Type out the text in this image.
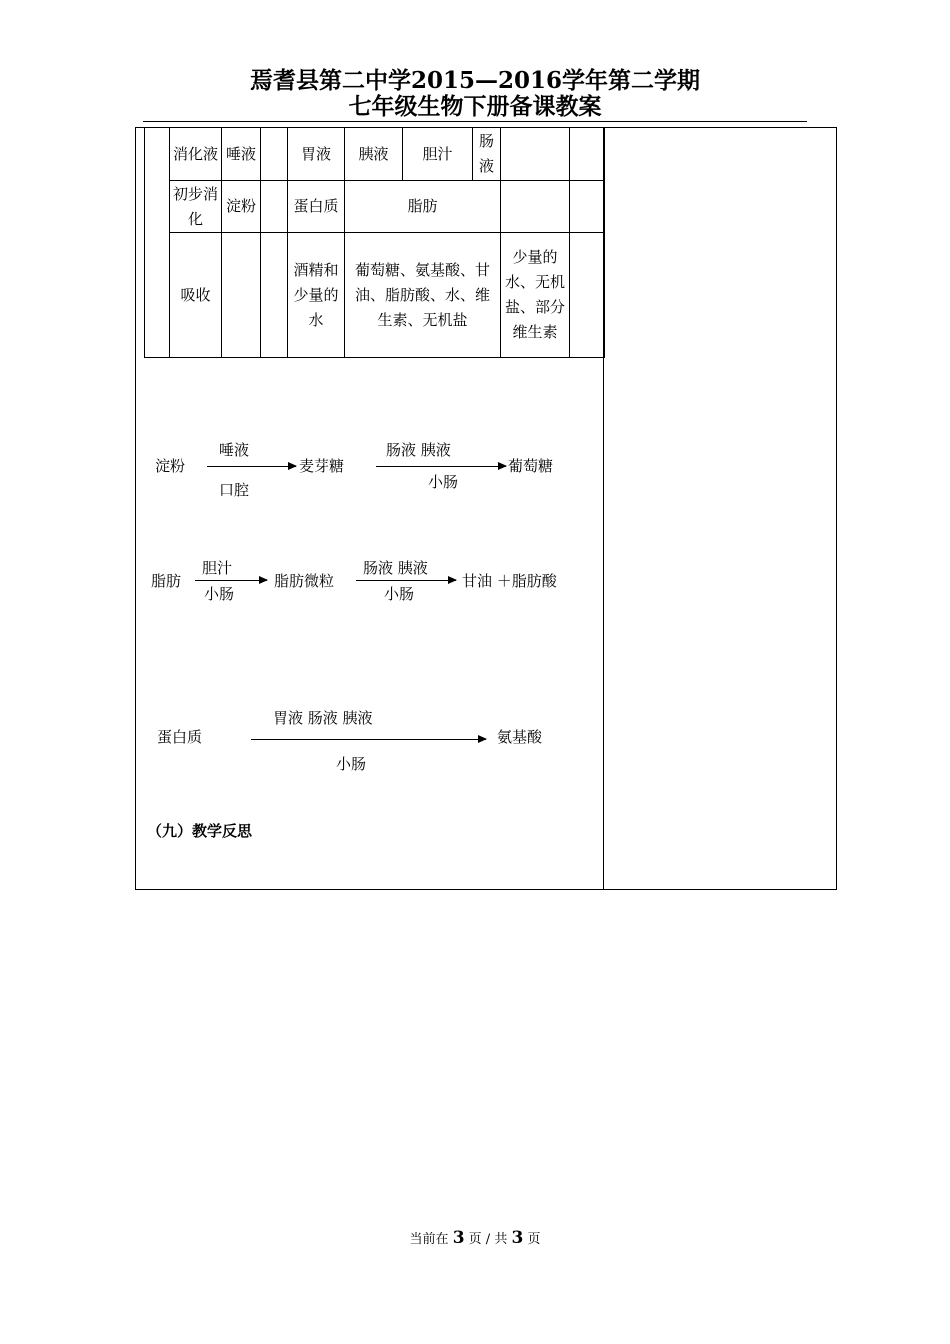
焉耆县第二中学2015—2016学年第二学期
七年级生物下册备课教案
	消化液	唾液		胃液	胰液	胆汁	肠液		
	初步消化	淀粉		蛋白质	脂肪				
	吸收			酒精和少量的水	葡萄糖、氨基酸、甘油、脂肪酸、水、维生素、无机盐			少量的水、无机盐、部分维生素	
淀粉
唾液
口腔
麦芽糖
肠液 胰液
小肠
葡萄糖
脂肪
胆汁
小肠
脂肪微粒
肠液 胰液
小肠
甘油 ＋脂肪酸
蛋白质
胃液 肠液 胰液
小肠
氨基酸
（九）教学反思
当前在 3 页 / 共 3 页
